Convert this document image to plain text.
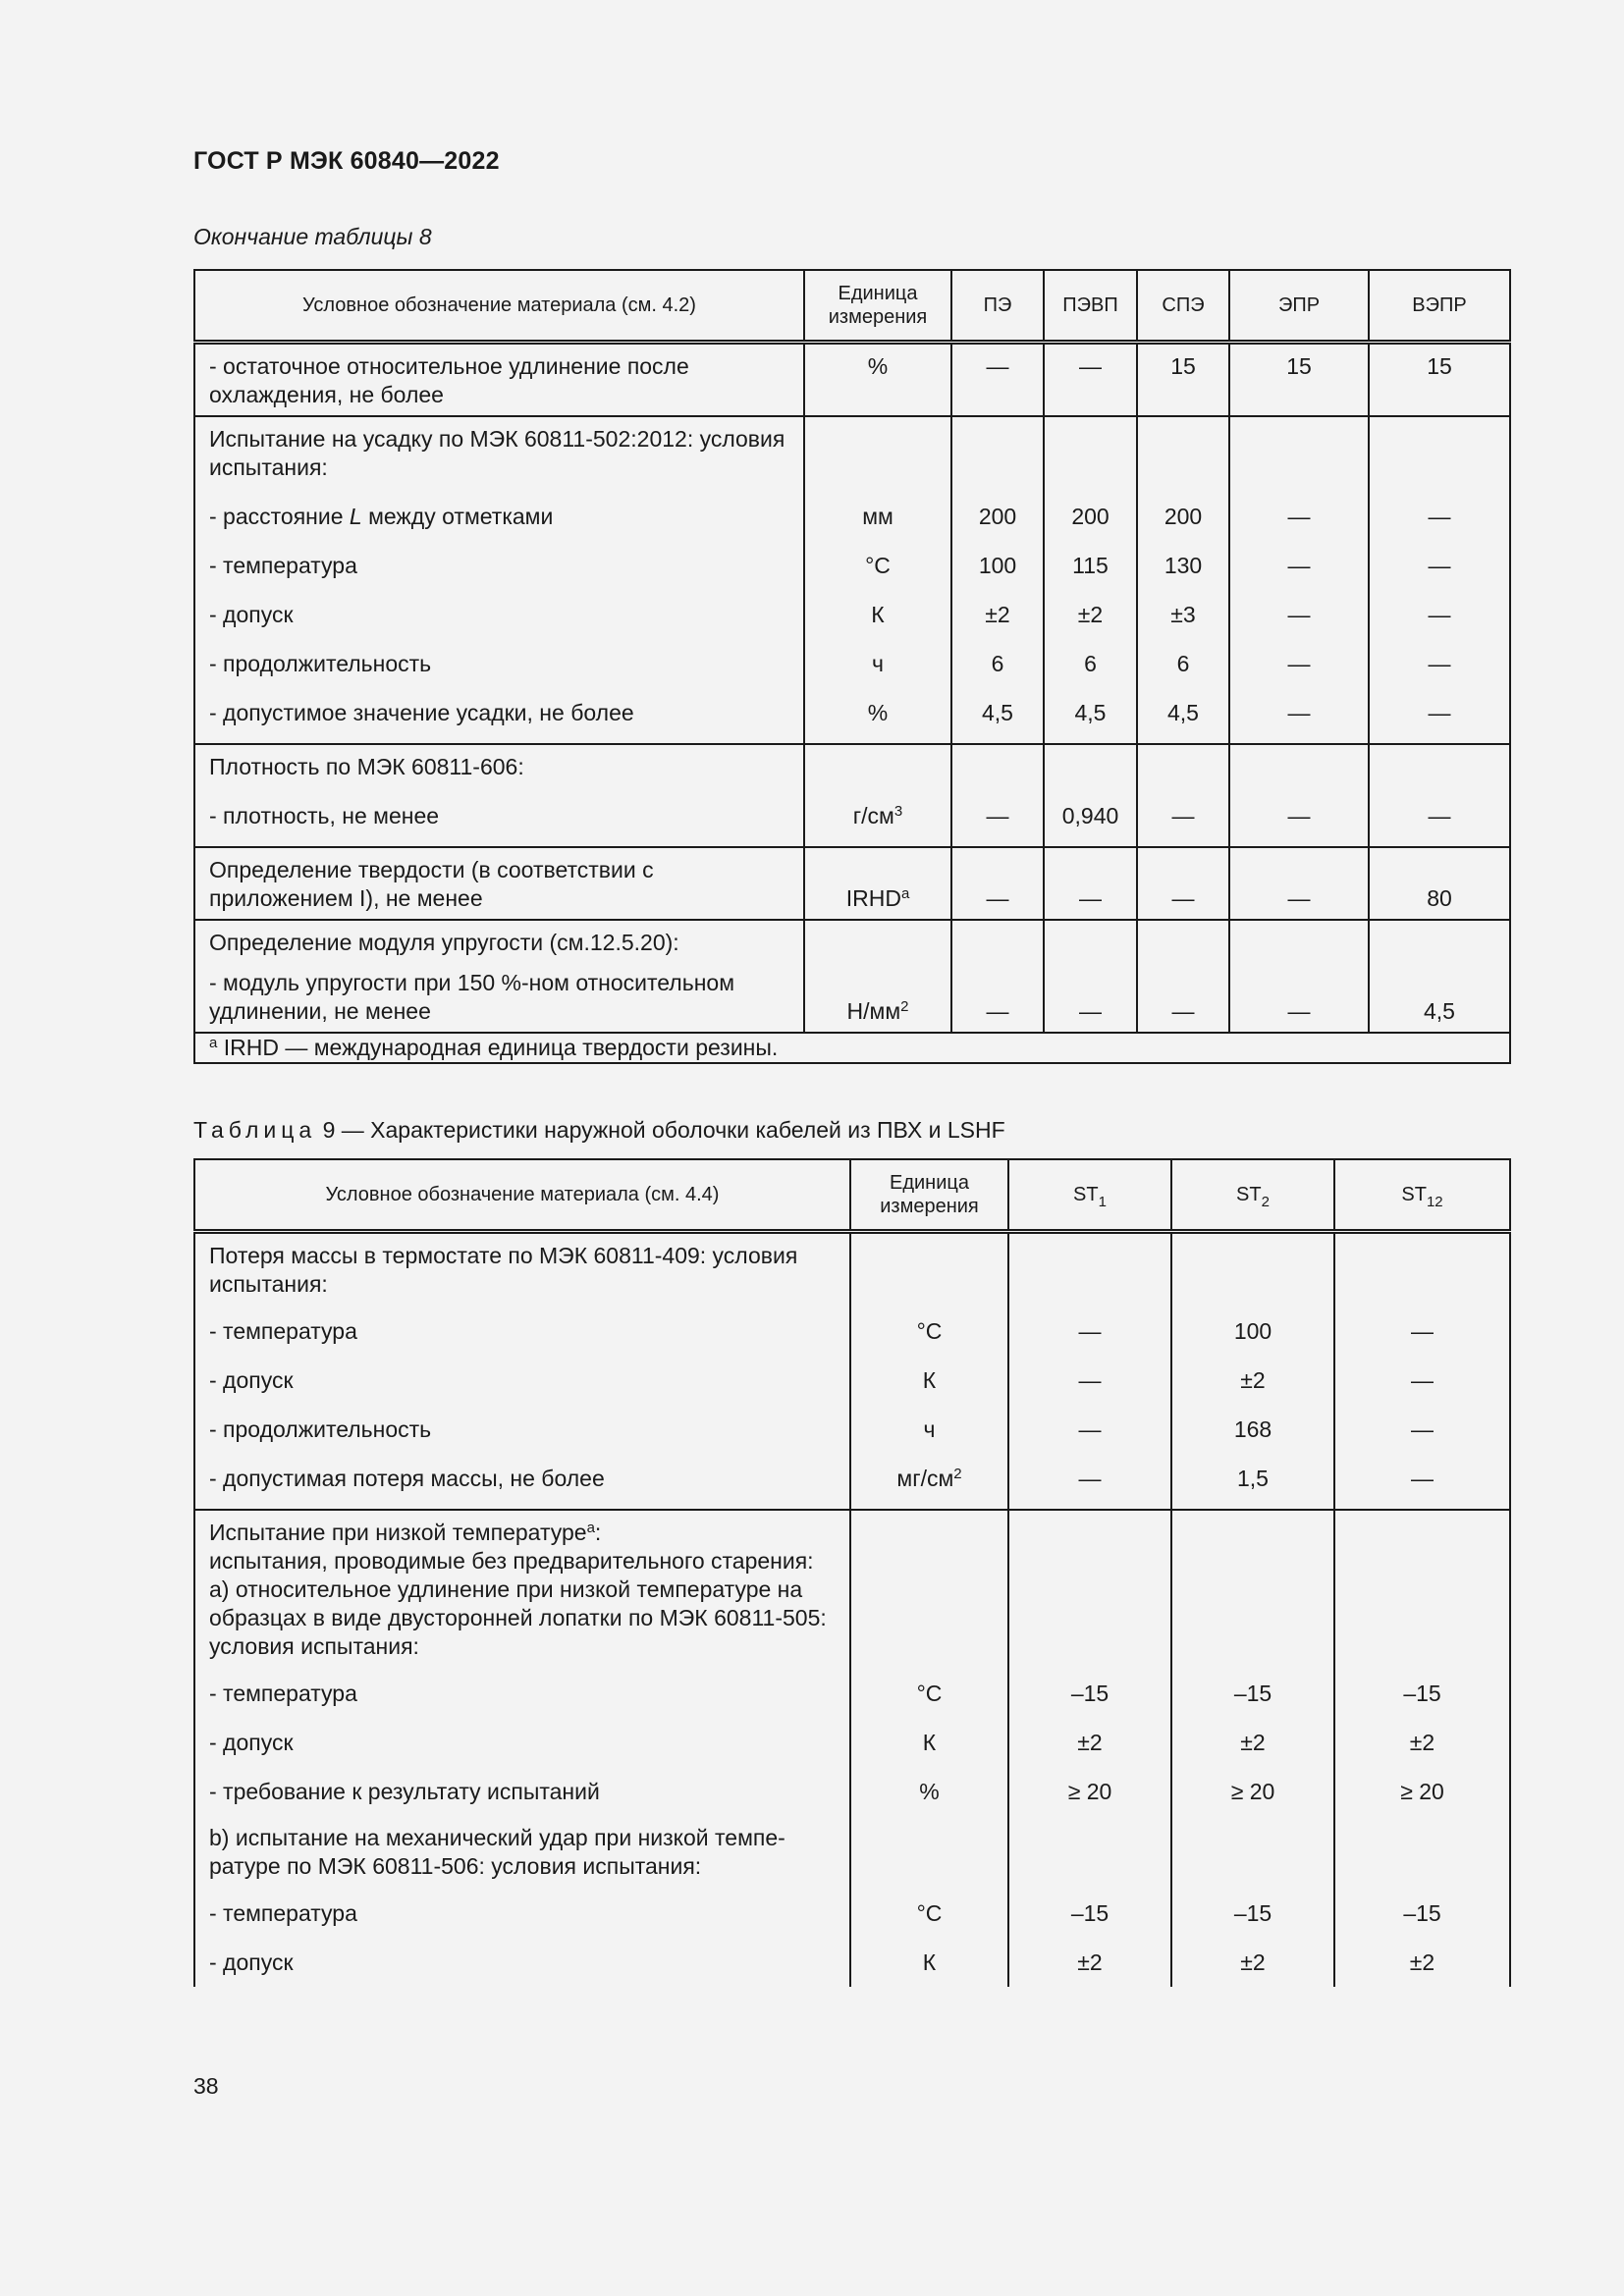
ГОСТ Р МЭК 60840—2022
Окончание таблицы 8
Условное обозначение материала (см. 4.2)	Единица измерения	ПЭ	ПЭВП	СПЭ	ЭПР	ВЭПР
- остаточное относительное удлинение после охлаждения, не более	%	—	—	15	15	15
Испытание на усадку по МЭК 60811-502:2012: условия испытания:						
- расстояние L между отметками	мм	200	200	200	—	—
- температура	°С	100	115	130	—	—
- допуск	К	±2	±2	±3	—	—
- продолжительность	ч	6	6	6	—	—
- допустимое значение усадки, не более	%	4,5	4,5	4,5	—	—
Плотность по МЭК 60811-606:						
- плотность, не менее	$г/см^3$	—	0,940	—	—	—
Определение твердости (в соответствии с приложением I), не менее	IRHD$^a$	—	—	—	—	80
Определение модуля упругости (см.12.5.20):						
- модуль упругости при 150 %-ном относительном удлинении, не менее	$Н/мм^2$	—	—	—	—	4,5
$^a$ IRHD — международная единица твердости резины.						
Таблица 9 — Характеристики наружной оболочки кабелей из ПВХ и LSHF
Условное обозначение материала (см. 4.4)	Единица измерения	$ST_1$	$ST_2$	$ST_{12}$
Потеря массы в термостате по МЭК 60811-409: условия испытания:				
- температура	°С	—	100	—
- допуск	К	—	±2	—
- продолжительность	ч	—	168	—
- допустимая потеря массы, не более	$мг/см^2$	—	1,5	—
Испытание при низкой температуре$^a$:
испытания, проводимые без предварительного старения:
a) относительное удлинение при низкой температуре на образцах в виде двусторонней лопатки по МЭК 60811-505:
условия испытания:				
- температура	°С	–15	–15	–15
- допуск	К	±2	±2	±2
- требование к результату испытаний	%	≥ 20	≥ 20	≥ 20
b) испытание на механический удар при низкой темпе-ратуре по МЭК 60811-506: условия испытания:				
- температура	°С	–15	–15	–15
- допуск	К	±2	±2	±2
38
